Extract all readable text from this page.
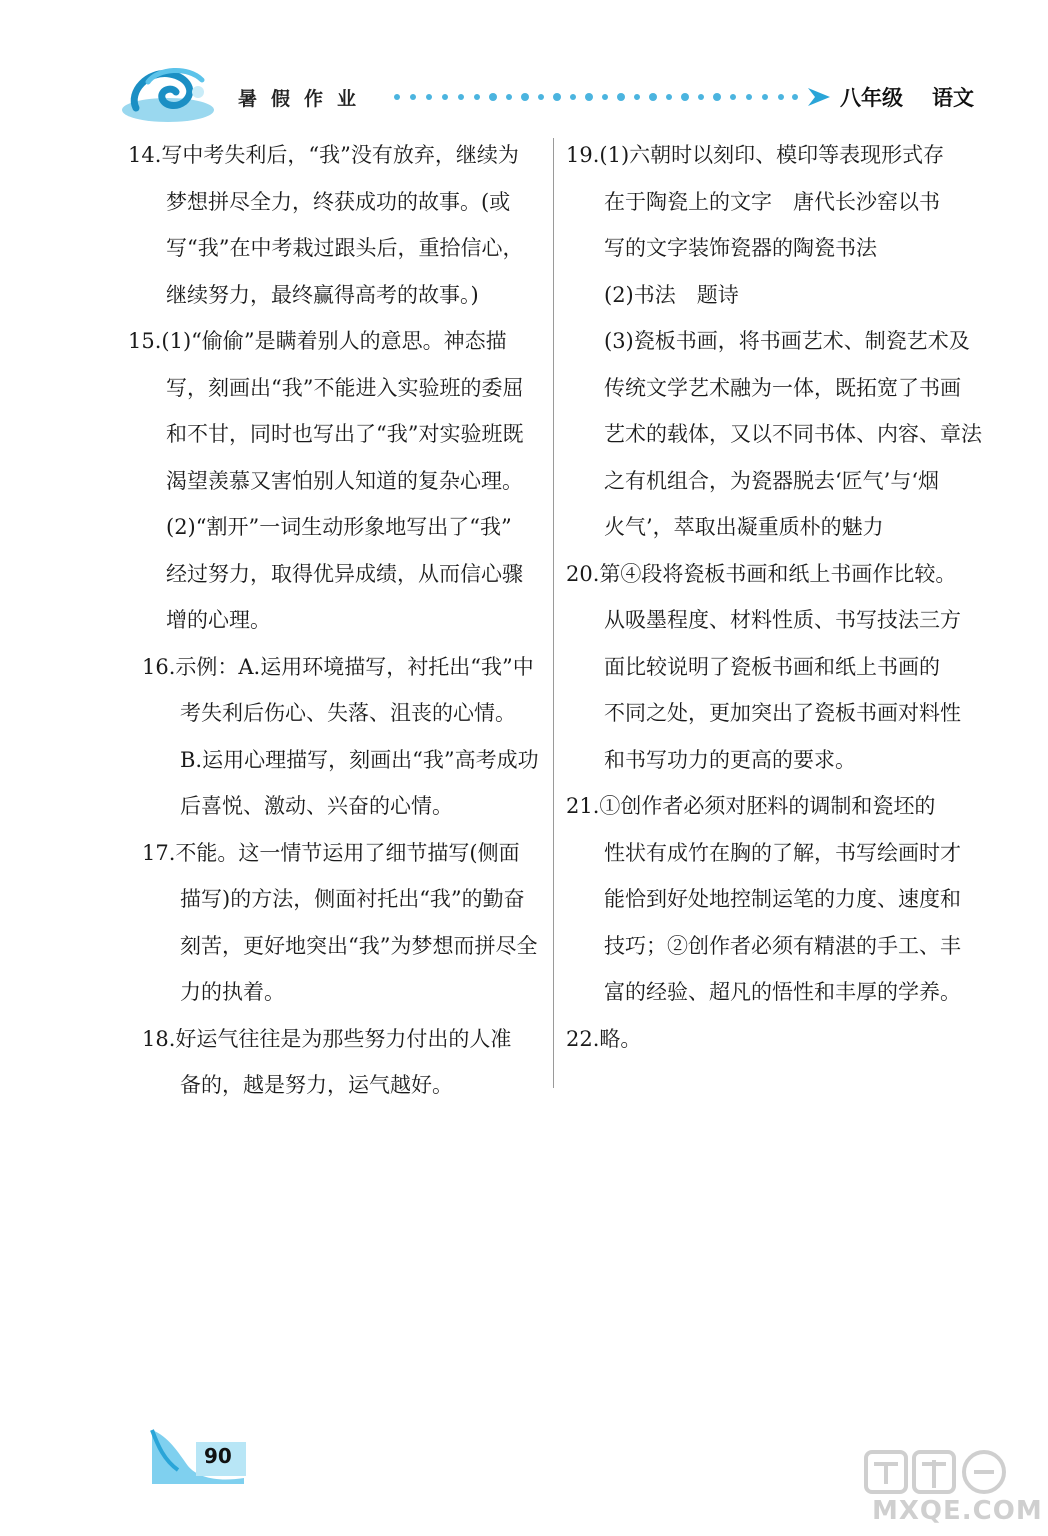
暑假作业	八年级 语文
14.写中考失利后，“我”没有放弃，继续为
梦想拼尽全力，终获成功的故事。(或
写“我”在中考栽过跟头后，重拾信心，
继续努力，最终赢得高考的故事。)
15.(1)“偷偷”是瞒着别人的意思。神态描
写，刻画出“我”不能进入实验班的委屈
和不甘，同时也写出了“我”对实验班既
渴望羡慕又害怕别人知道的复杂心理。
(2)“割开”一词生动形象地写出了“我”
经过努力，取得优异成绩，从而信心骤
增的心理。
16.示例：A.运用环境描写，衬托出“我”中
考失利后伤心、失落、沮丧的心情。
B.运用心理描写，刻画出“我”高考成功
后喜悦、激动、兴奋的心情。
17.不能。这一情节运用了细节描写(侧面
描写)的方法，侧面衬托出“我”的勤奋
刻苦，更好地突出“我”为梦想而拼尽全
力的执着。
18.好运气往往是为那些努力付出的人准
备的，越是努力，运气越好。
19.(1)六朝时以刻印、模印等表现形式存
在于陶瓷上的文字　唐代长沙窑以书
写的文字装饰瓷器的陶瓷书法
(2)书法　题诗
(3)瓷板书画，将书画艺术、制瓷艺术及
传统文学艺术融为一体，既拓宽了书画
艺术的载体，又以不同书体、内容、章法
之有机组合，为瓷器脱去‘匠气’与‘烟
火气’，萃取出凝重质朴的魅力
20.第④段将瓷板书画和纸上书画作比较。
从吸墨程度、材料性质、书写技法三方
面比较说明了瓷板书画和纸上书画的
不同之处，更加突出了瓷板书画对料性
和书写功力的更高的要求。
21.①创作者必须对胚料的调制和瓷坯的
性状有成竹在胸的了解，书写绘画时才
能恰到好处地控制运笔的力度、速度和
技巧；②创作者必须有精湛的手工、丰
富的经验、超凡的悟性和丰厚的学养。
22.略。
90
MXQE.COM
